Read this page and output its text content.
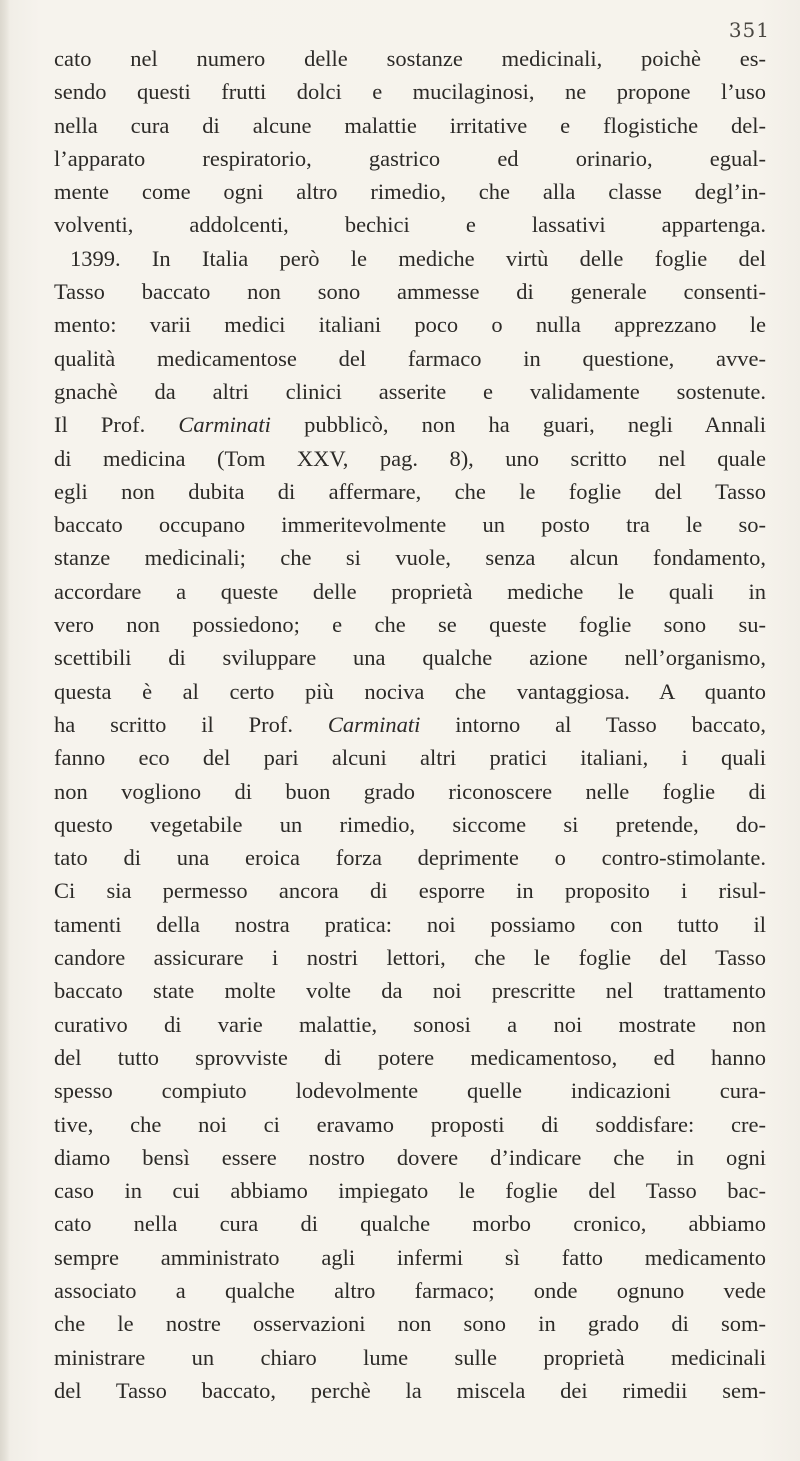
351
cato nel numero delle sostanze medicinali, poichè es-
sendo questi frutti dolci e mucilaginosi, ne propone l’uso
nella cura di alcune malattie irritative e flogistiche del-
l’apparato respiratorio, gastrico ed orinario, egual-
mente come ogni altro rimedio, che alla classe degl’in-
volventi, addolcenti, bechici e lassativi appartenga.
1399. In Italia però le mediche virtù delle foglie del
Tasso baccato non sono ammesse di generale consenti-
mento: varii medici italiani poco o nulla apprezzano le
qualità medicamentose del farmaco in questione, avve-
gnachè da altri clinici asserite e validamente sostenute.
Il Prof. Carminati pubblicò, non ha guari, negli Annali
di medicina (Tom XXV, pag. 8), uno scritto nel quale
egli non dubita di affermare, che le foglie del Tasso
baccato occupano immeritevolmente un posto tra le so-
stanze medicinali; che si vuole, senza alcun fondamento,
accordare a queste delle proprietà mediche le quali in
vero non possiedono; e che se queste foglie sono su-
scettibili di sviluppare una qualche azione nell’organismo,
questa è al certo più nociva che vantaggiosa. A quanto
ha scritto il Prof. Carminati intorno al Tasso baccato,
fanno eco del pari alcuni altri pratici italiani, i quali
non vogliono di buon grado riconoscere nelle foglie di
questo vegetabile un rimedio, siccome si pretende, do-
tato di una eroica forza deprimente o contro-stimolante.
Ci sia permesso ancora di esporre in proposito i risul-
tamenti della nostra pratica: noi possiamo con tutto il
candore assicurare i nostri lettori, che le foglie del Tasso
baccato state molte volte da noi prescritte nel trattamento
curativo di varie malattie, sonosi a noi mostrate non
del tutto sprovviste di potere medicamentoso, ed hanno
spesso compiuto lodevolmente quelle indicazioni cura-
tive, che noi ci eravamo proposti di soddisfare: cre-
diamo bensì essere nostro dovere d’indicare che in ogni
caso in cui abbiamo impiegato le foglie del Tasso bac-
cato nella cura di qualche morbo cronico, abbiamo
sempre amministrato agli infermi sì fatto medicamento
associato a qualche altro farmaco; onde ognuno vede
che le nostre osservazioni non sono in grado di som-
ministrare un chiaro lume sulle proprietà medicinali
del Tasso baccato, perchè la miscela dei rimedii sem-
